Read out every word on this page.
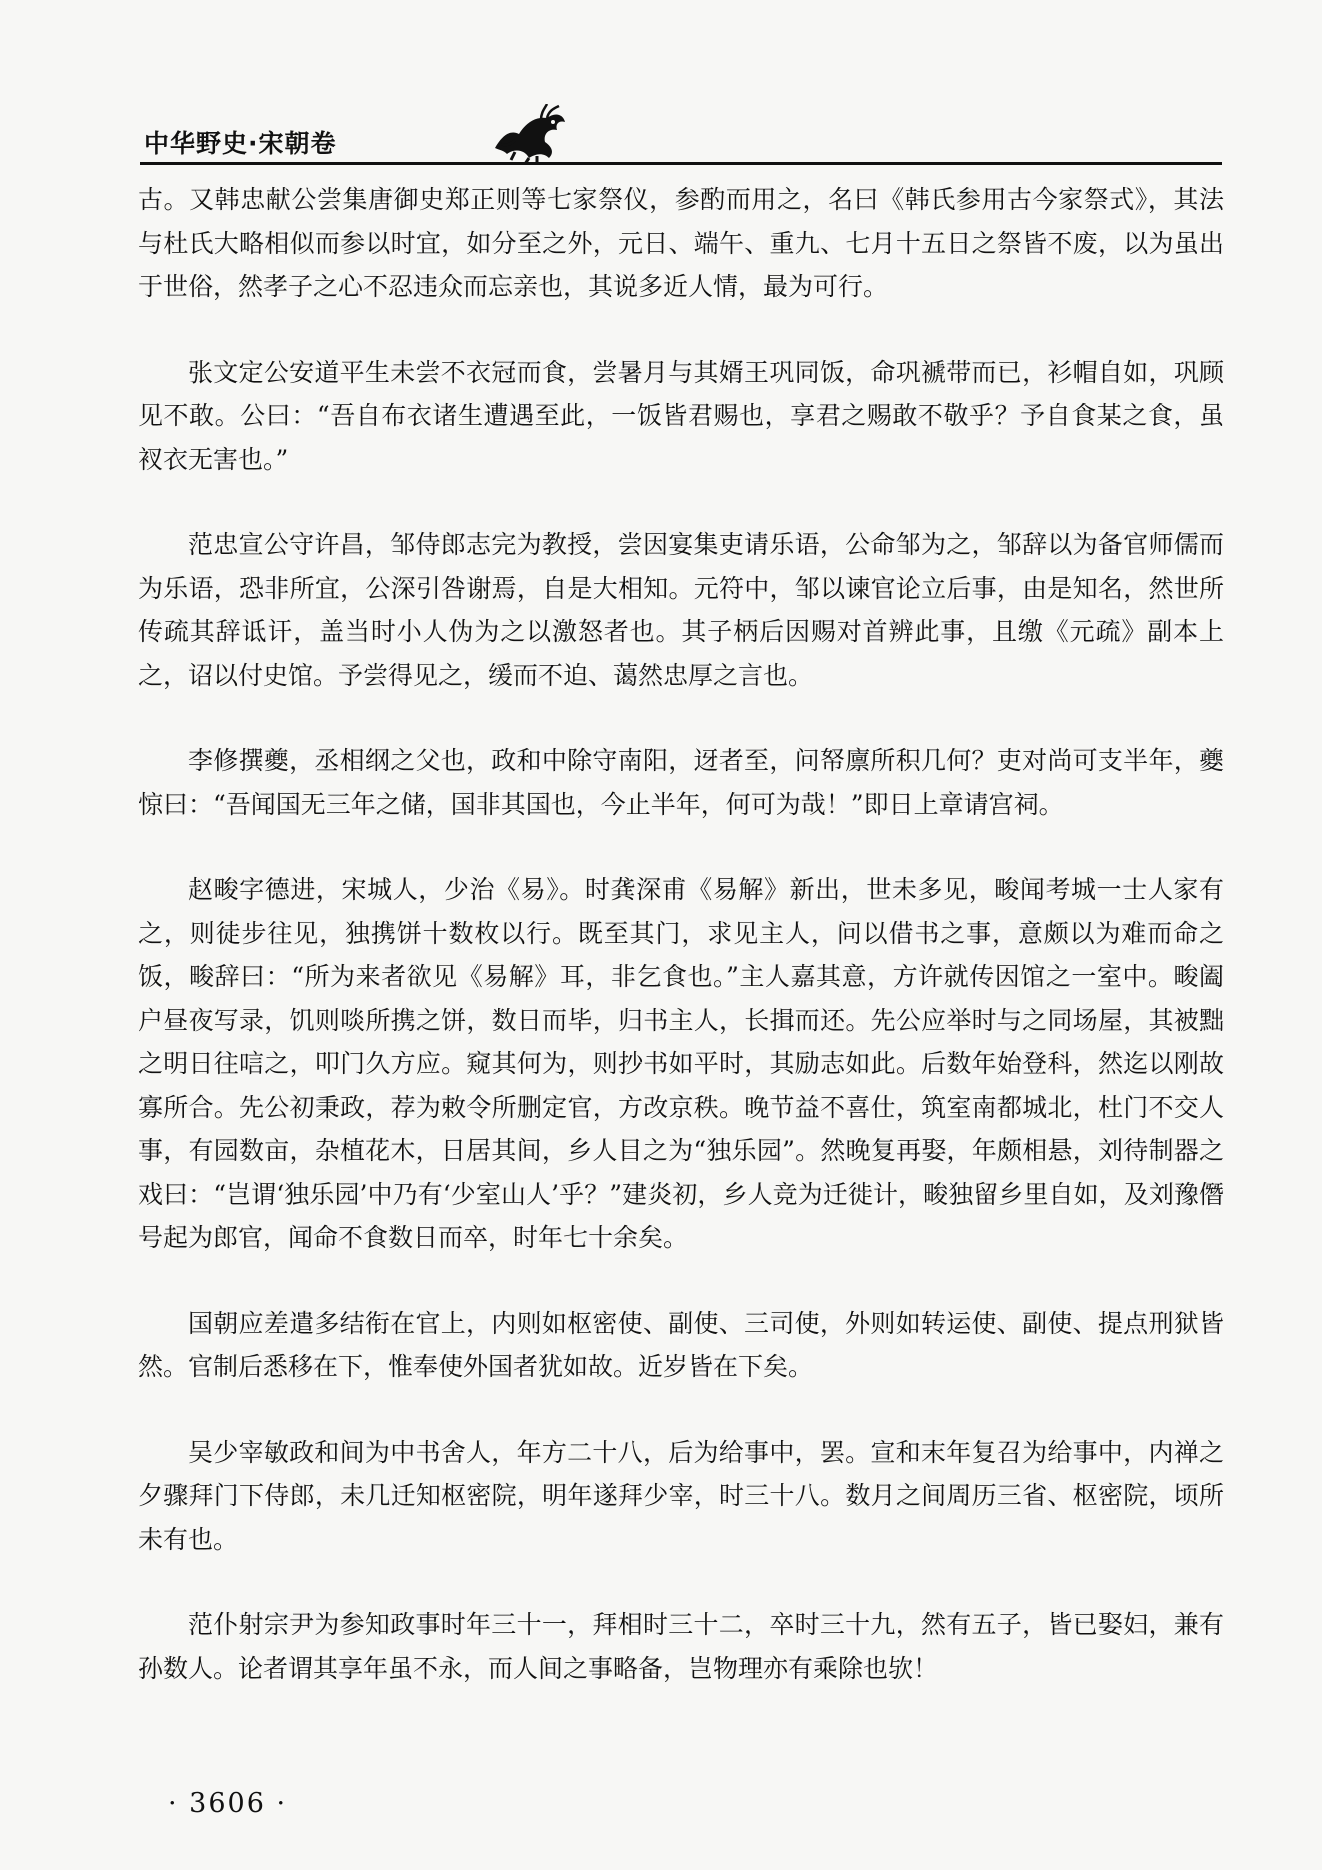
中华野史·宋朝卷

古。又韩忠献公尝集唐御史郑正则等七家祭仪，参酌而用之，名曰《韩氏参用古今家祭式》，其法与杜氏大略相似而参以时宜，如分至之外，元日、端午、重九、七月十五日之祭皆不废，以为虽出于世俗，然孝子之心不忍违众而忘亲也，其说多近人情，最为可行。

张文定公安道平生未尝不衣冠而食，尝暑月与其婿王巩同饭，命巩褫带而已，衫帽自如，巩顾见不敢。公曰：“吾自布衣诸生遭遇至此，一饭皆君赐也，享君之赐敢不敬乎？予自食某之食，虽衩衣无害也。”

范忠宣公守许昌，邹侍郎志完为教授，尝因宴集吏请乐语，公命邹为之，邹辞以为备官师儒而为乐语，恐非所宜，公深引咎谢焉，自是大相知。元符中，邹以谏官论立后事，由是知名，然世所传疏其辞诋讦，盖当时小人伪为之以激怒者也。其子柄后因赐对首辨此事，且缴《元疏》副本上之，诏以付史馆。予尝得见之，缓而不迫、蔼然忠厚之言也。

李修撰夔，丞相纲之父也，政和中除守南阳，迓者至，问帑廪所积几何？吏对尚可支半年，夔惊曰：“吾闻国无三年之储，国非其国也，今止半年，何可为哉！”即日上章请宫祠。

赵畯字德进，宋城人，少治《易》。时龚深甫《易解》新出，世未多见，畯闻考城一士人家有之，则徒步往见，独携饼十数枚以行。既至其门，求见主人，问以借书之事，意颇以为难而命之饭，畯辞曰：“所为来者欲见《易解》耳，非乞食也。”主人嘉其意，方许就传因馆之一室中。畯阖户昼夜写录，饥则啖所携之饼，数日而毕，归书主人，长揖而还。先公应举时与之同场屋，其被黜之明日往唁之，叩门久方应。窥其何为，则抄书如平时，其励志如此。后数年始登科，然迄以刚故寡所合。先公初秉政，荐为敕令所删定官，方改京秩。晚节益不喜仕，筑室南都城北，杜门不交人事，有园数亩，杂植花木，日居其间，乡人目之为“独乐园”。然晚复再娶，年颇相悬，刘待制器之戏曰：“岂谓‘独乐园’中乃有‘少室山人’乎？”建炎初，乡人竞为迁徙计，畯独留乡里自如，及刘豫僭号起为郎官，闻命不食数日而卒，时年七十余矣。

国朝应差遣多结衔在官上，内则如枢密使、副使、三司使，外则如转运使、副使、提点刑狱皆然。官制后悉移在下，惟奉使外国者犹如故。近岁皆在下矣。

吴少宰敏政和间为中书舍人，年方二十八，后为给事中，罢。宣和末年复召为给事中，内禅之夕骤拜门下侍郎，未几迁知枢密院，明年遂拜少宰，时三十八。数月之间周历三省、枢密院，顷所未有也。

范仆射宗尹为参知政事时年三十一，拜相时三十二，卒时三十九，然有五子，皆已娶妇，兼有孙数人。论者谓其享年虽不永，而人间之事略备，岂物理亦有乘除也欤！

· 3606 ·
